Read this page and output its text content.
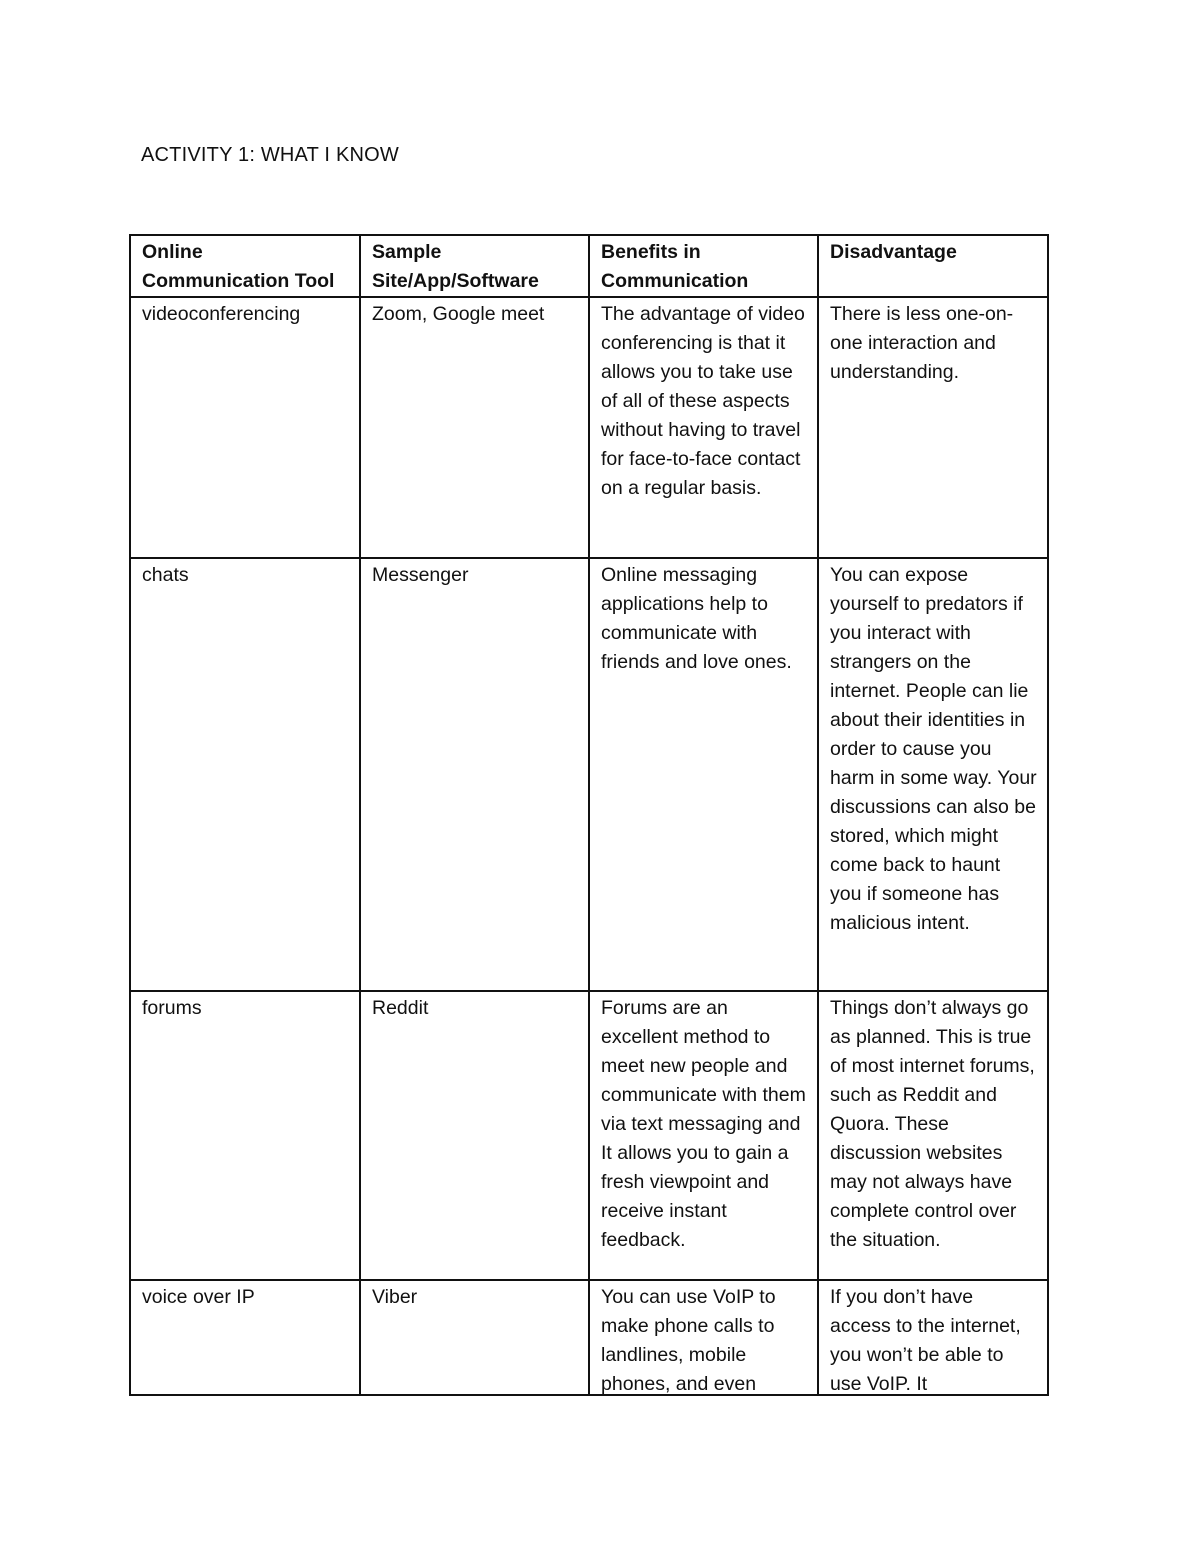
ACTIVITY 1: WHAT I KNOW
Online Communication Tool	Sample Site/App/Software	Benefits in Communication	Disadvantage
videoconferencing	Zoom, Google meet	The advantage of video conferencing is that it allows you to take use of all of these aspects without having to travel for face-to-face contact on a regular basis.	There is less one-on-one interaction and understanding.
chats	Messenger	Online messaging applications help to communicate with friends and love ones.	You can expose yourself to predators if you interact with strangers on the internet. People can lie about their identities in order to cause you harm in some way. Your discussions can also be stored, which might come back to haunt you if someone has malicious intent.
forums	Reddit	Forums are an excellent method to meet new people and communicate with them via text messaging and It allows you to gain a fresh viewpoint and receive instant feedback.	Things don’t always go as planned. This is true of most internet forums, such as Reddit and Quora. These discussion websites may not always have complete control over the situation.

voice over IP	Viber	You can use VoIP to make phone calls to landlines, mobile phones, and even	If you don’t have access to the internet, you won’t be able to use VoIP. It
